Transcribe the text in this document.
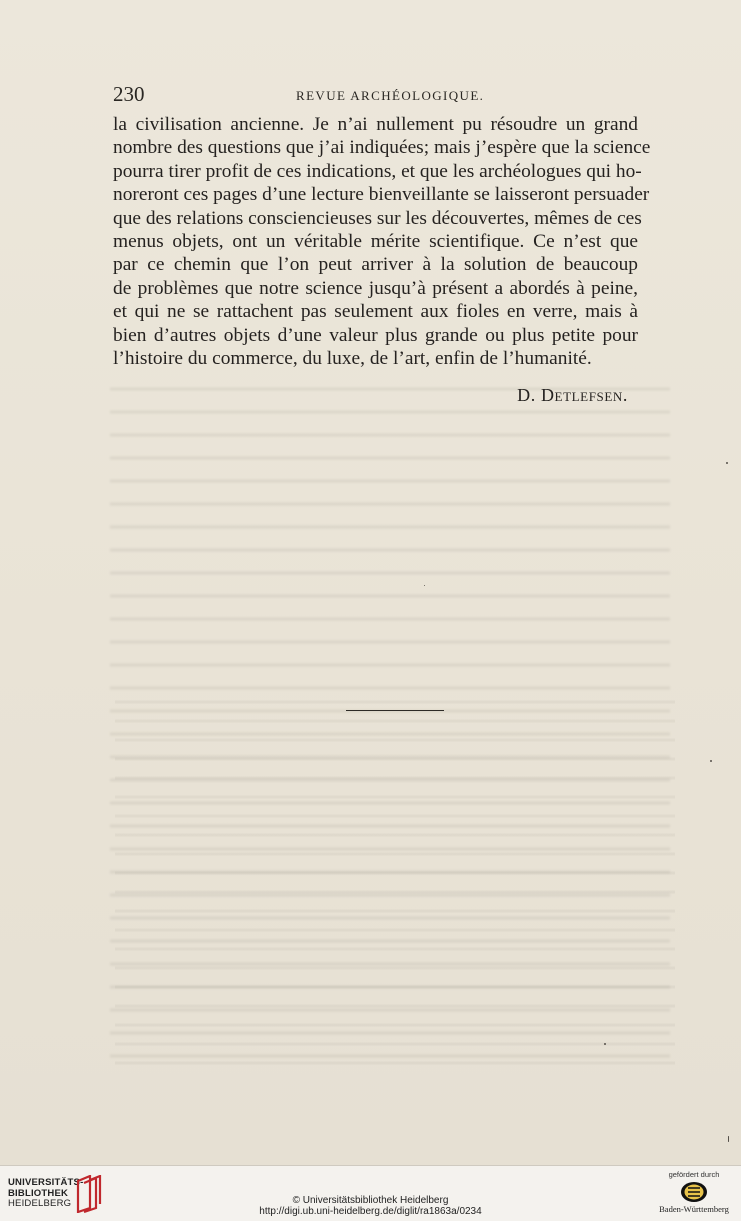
230	REVUE ARCHÉOLOGIQUE.
la civilisation ancienne. Je n’ai nullement pu résoudre un grand
nombre des questions que j’ai indiquées; mais j’espère que la science
pourra tirer profit de ces indications, et que les archéologues qui ho-
noreront ces pages d’une lecture bienveillante se laisseront persuader
que des relations consciencieuses sur les découvertes, mêmes de ces
menus objets, ont un véritable mérite scientifique. Ce n’est que
par ce chemin que l’on peut arriver à la solution de beaucoup
de problèmes que notre science jusqu’à présent a abordés à peine,
et qui ne se rattachent pas seulement aux fioles en verre, mais à
bien d’autres objets d’une valeur plus grande ou plus petite pour
l’histoire du commerce, du luxe, de l’art, enfin de l’humanité.
D. Detlefsen.
UNIVERSITÄTS-
BIBLIOTHEK
HEIDELBERG	© Universitätsbibliothek Heidelberg
http://digi.ub.uni-heidelberg.de/diglit/ra1863a/0234
gefördert durch
Baden-Württemberg
